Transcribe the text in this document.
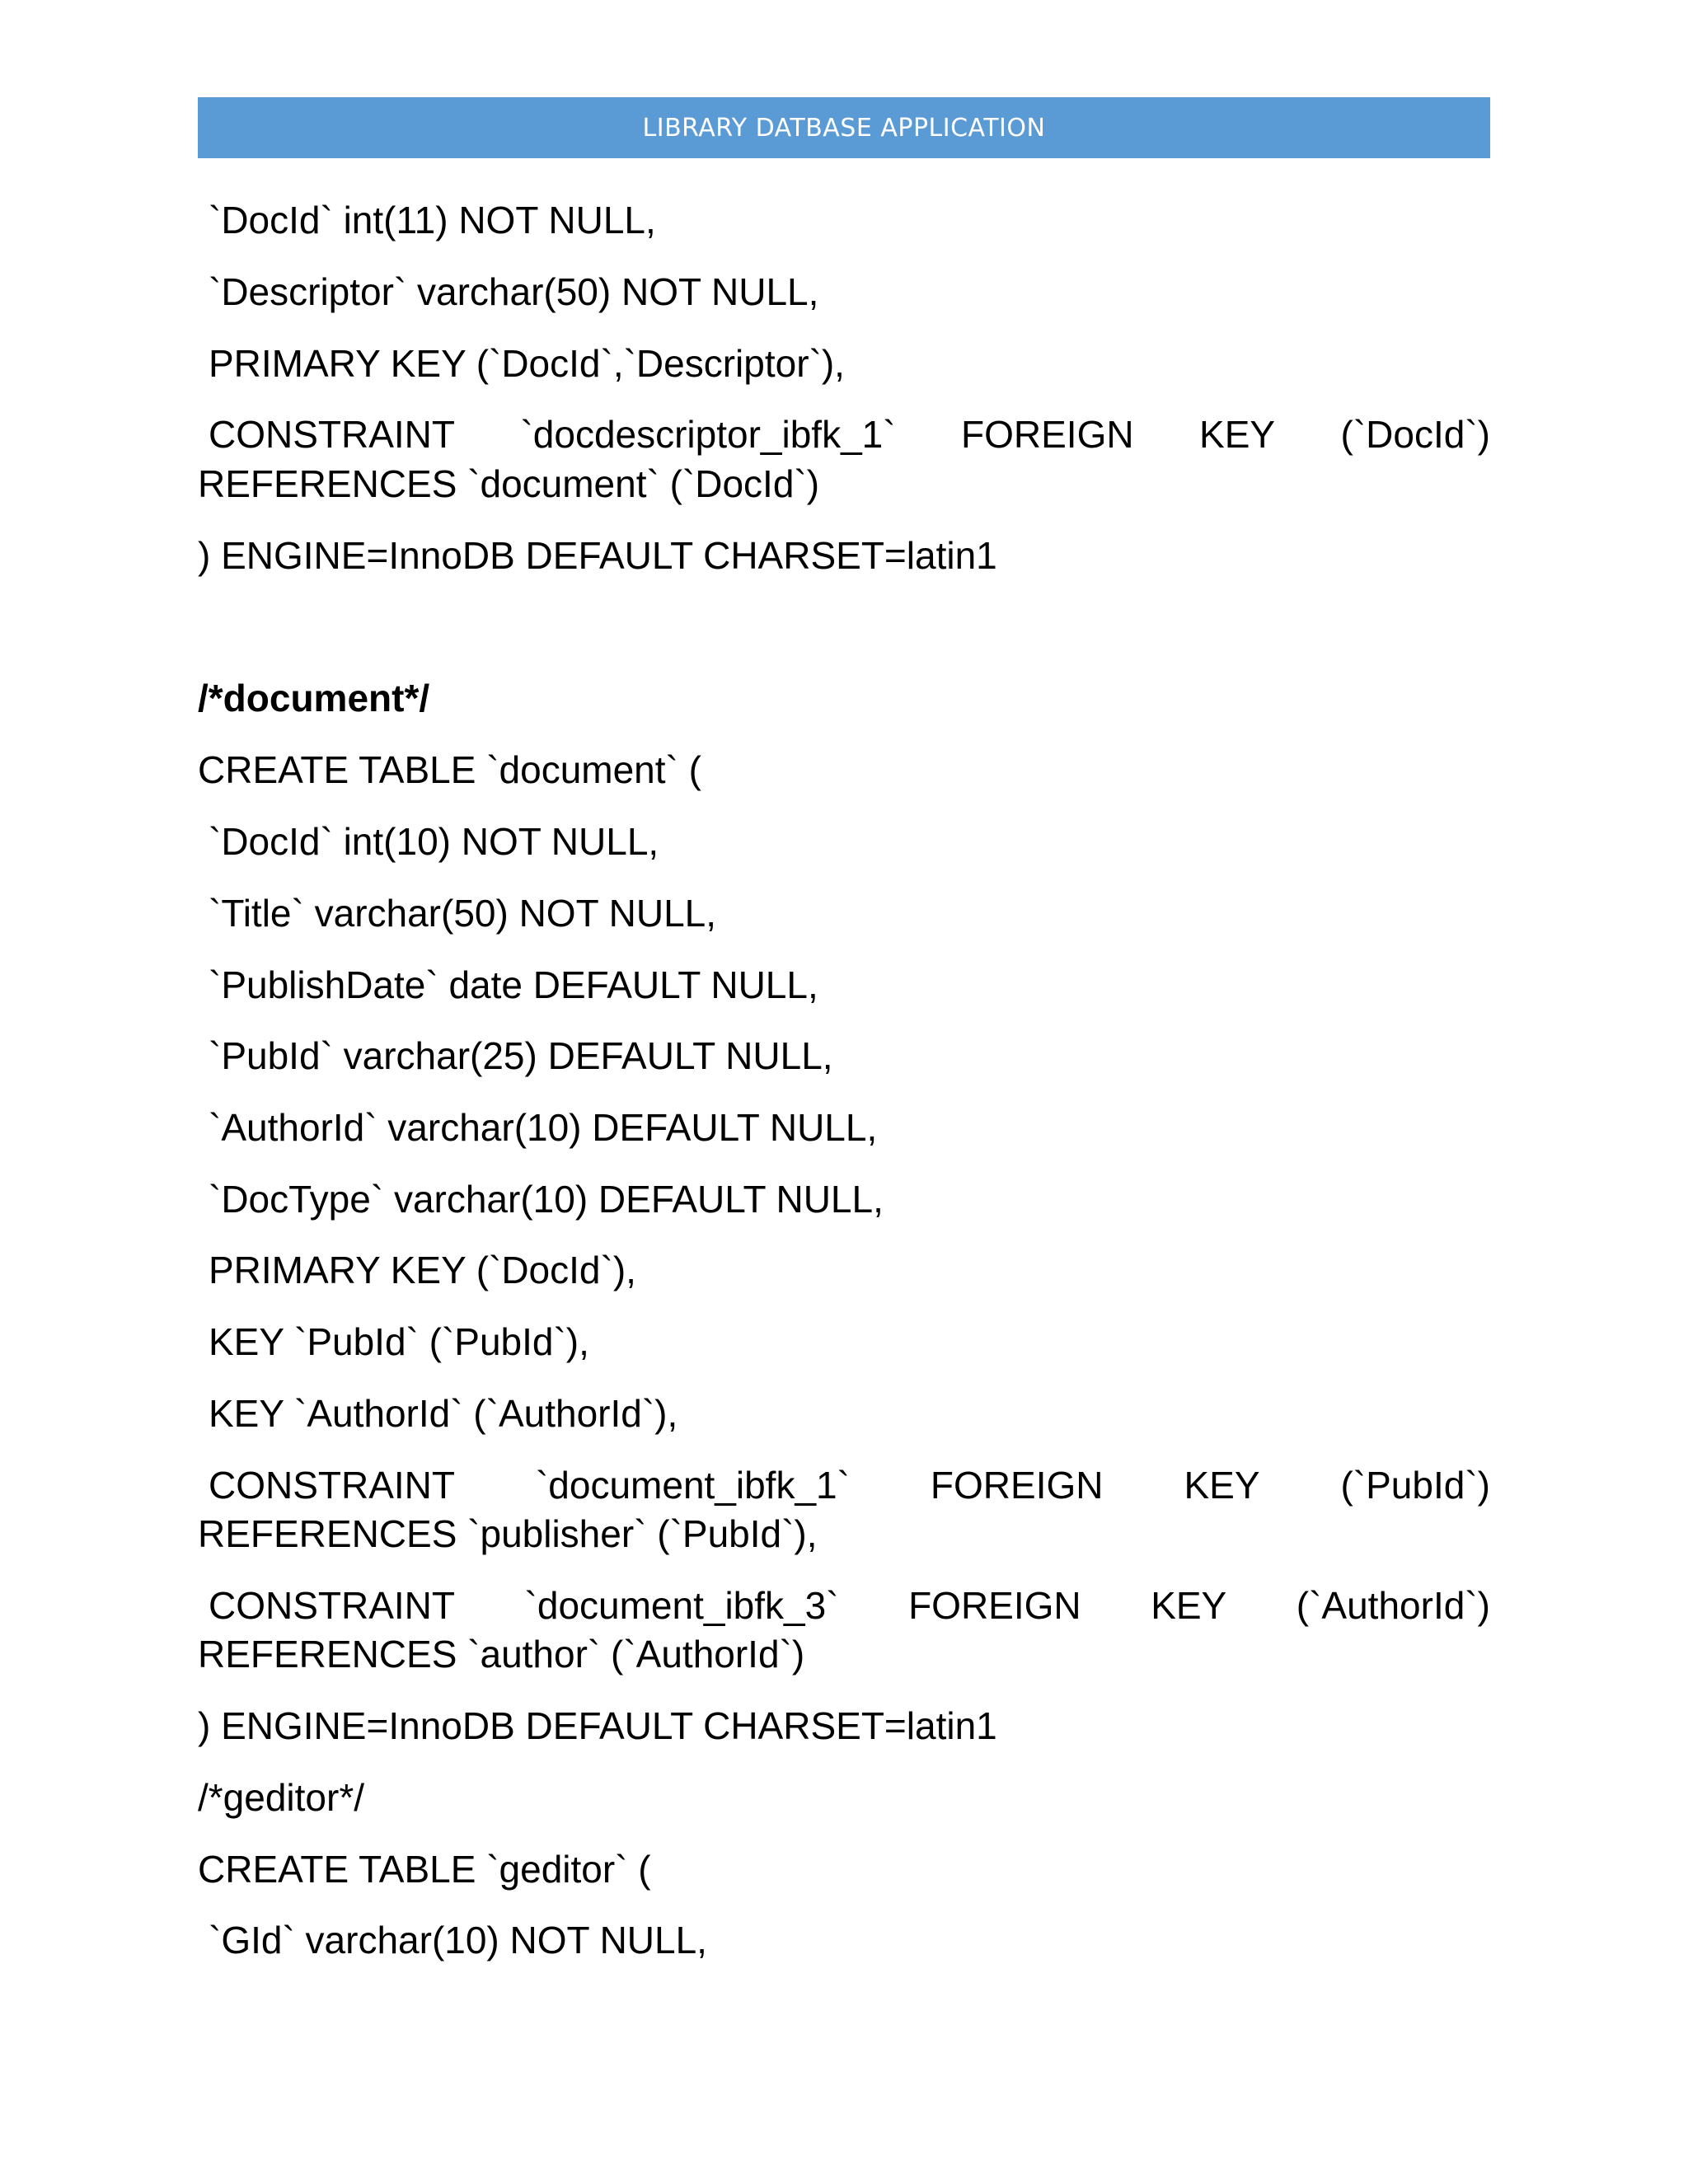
LIBRARY DATBASE APPLICATION
`DocId` int(11) NOT NULL,
`Descriptor` varchar(50) NOT NULL,
PRIMARY KEY (`DocId`,`Descriptor`),
CONSTRAINT `docdescriptor_ibfk_1` FOREIGN KEY (`DocId`)
REFERENCES `document` (`DocId`)
) ENGINE=InnoDB DEFAULT CHARSET=latin1
/*document*/
CREATE TABLE `document` (
`DocId` int(10) NOT NULL,
`Title` varchar(50) NOT NULL,
`PublishDate` date DEFAULT NULL,
`PubId` varchar(25) DEFAULT NULL,
`AuthorId` varchar(10) DEFAULT NULL,
`DocType` varchar(10) DEFAULT NULL,
PRIMARY KEY (`DocId`),
KEY `PubId` (`PubId`),
KEY `AuthorId` (`AuthorId`),
CONSTRAINT `document_ibfk_1` FOREIGN KEY (`PubId`)
REFERENCES `publisher` (`PubId`),
CONSTRAINT `document_ibfk_3` FOREIGN KEY (`AuthorId`)
REFERENCES `author` (`AuthorId`)
) ENGINE=InnoDB DEFAULT CHARSET=latin1
/*geditor*/
CREATE TABLE `geditor` (
`GId` varchar(10) NOT NULL,
